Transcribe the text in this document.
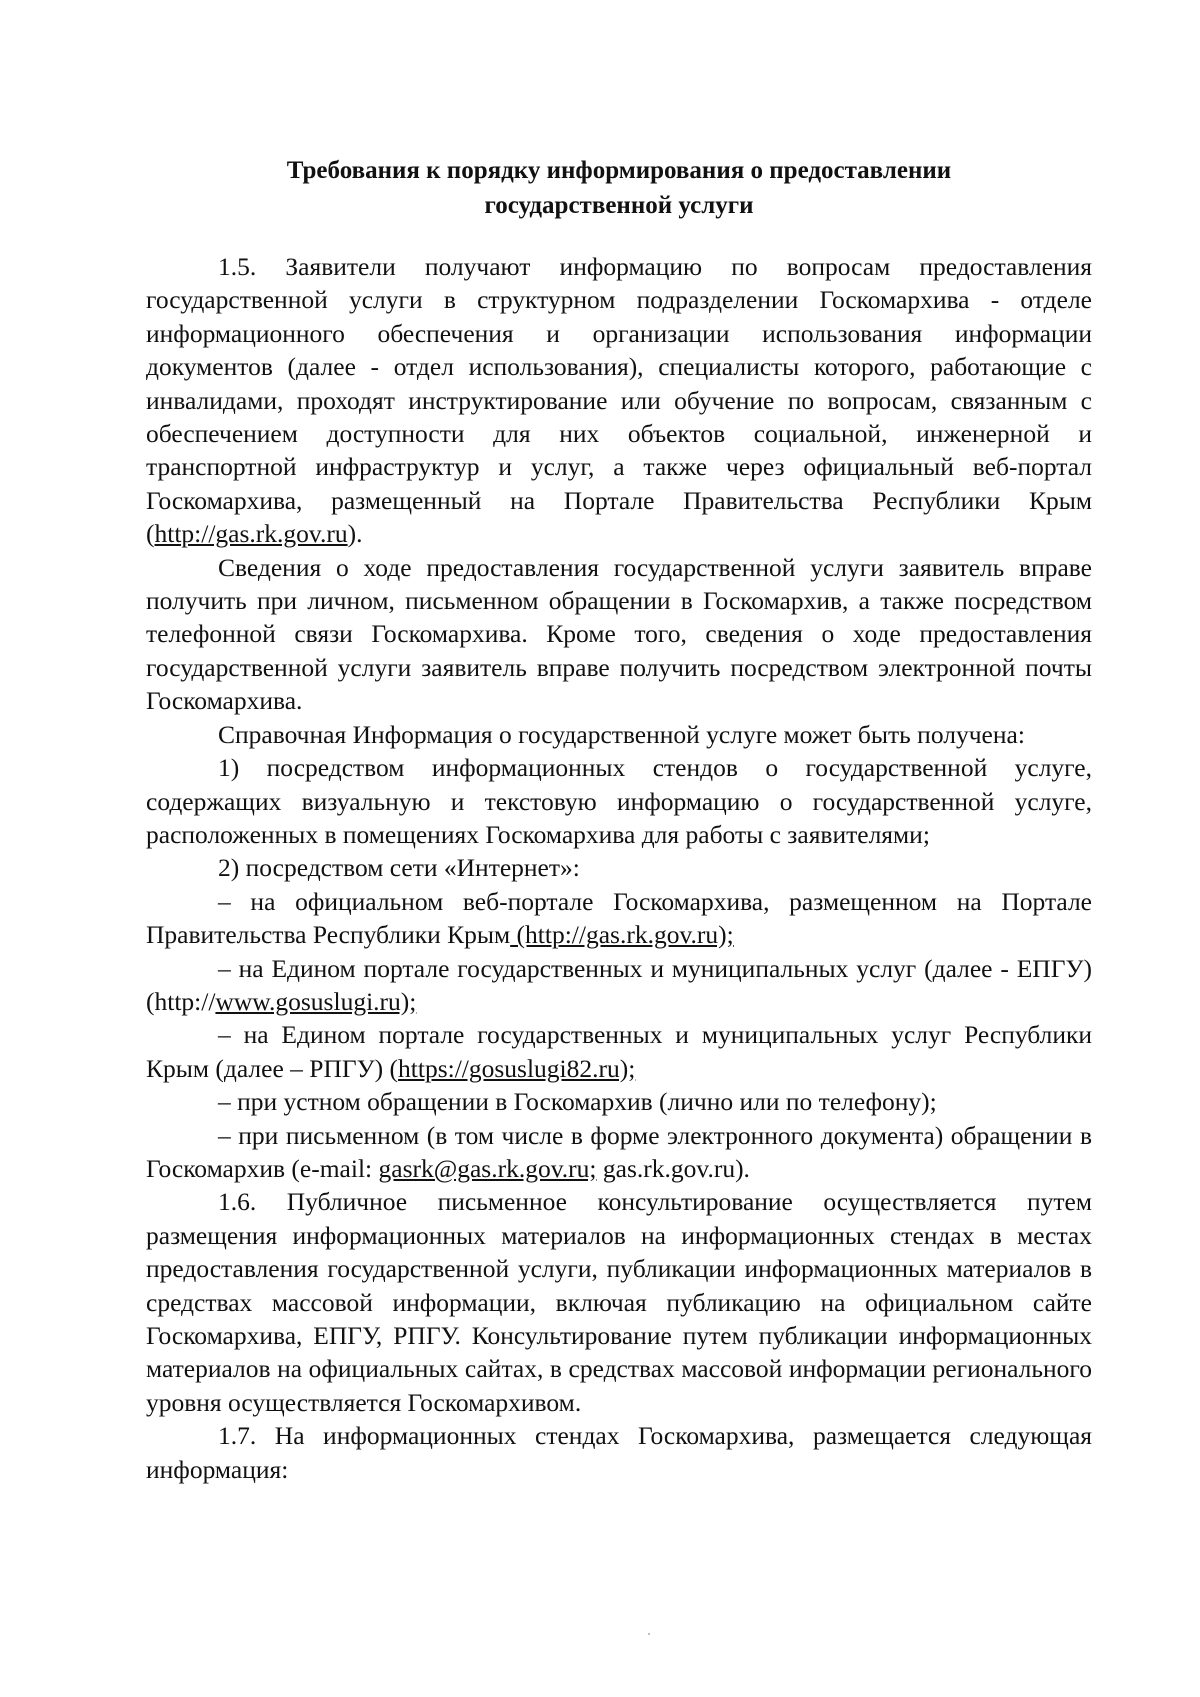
Требования к порядку информирования о предоставлении
государственной услуги

1.5. Заявители получают информацию по вопросам предоставления государственной услуги в структурном подразделении Госкомархива - отделе информационного обеспечения и организации использования информации документов (далее - отдел использования), специалисты которого, работающие с инвалидами, проходят инструктирование или обучение по вопросам, связанным с обеспечением доступности для них объектов социальной, инженерной и транспортной инфраструктур и услуг, а также через официальный веб-портал Госкомархива, размещенный на Портале Правительства Республики Крым (http://gas.rk.gov.ru).

Сведения о ходе предоставления государственной услуги заявитель вправе получить при личном, письменном обращении в Госкомархив, а также посредством телефонной связи Госкомархива. Кроме того, сведения о ходе предоставления государственной услуги заявитель вправе получить посредством электронной почты Госкомархива.

Справочная Информация о государственной услуге может быть получена:

1) посредством информационных стендов о государственной услуге, содержащих визуальную и текстовую информацию о государственной услуге, расположенных в помещениях Госкомархива для работы с заявителями;

2) посредством сети «Интернет»:

– на официальном веб-портале Госкомархива, размещенном на Портале Правительства Республики Крым (http://gas.rk.gov.ru);

– на Едином портале государственных и муниципальных услуг (далее - ЕПГУ) (http://www.gosuslugi.ru);

– на Едином портале государственных и муниципальных услуг Республики Крым (далее – РПГУ) (https://gosuslugi82.ru);

– при устном обращении в Госкомархив (лично или по телефону);

– при письменном (в том числе в форме электронного документа) обращении в Госкомархив (e-mail: gasrk@gas.rk.gov.ru; gas.rk.gov.ru).

1.6. Публичное письменное консультирование осуществляется путем размещения информационных материалов на информационных стендах в местах предоставления государственной услуги, публикации информационных материалов в средствах массовой информации, включая публикацию на официальном сайте Госкомархива, ЕПГУ, РПГУ. Консультирование путем публикации информационных материалов на официальных сайтах, в средствах массовой информации регионального уровня осуществляется Госкомархивом.

1.7. На информационных стендах Госкомархива, размещается следующая информация:
